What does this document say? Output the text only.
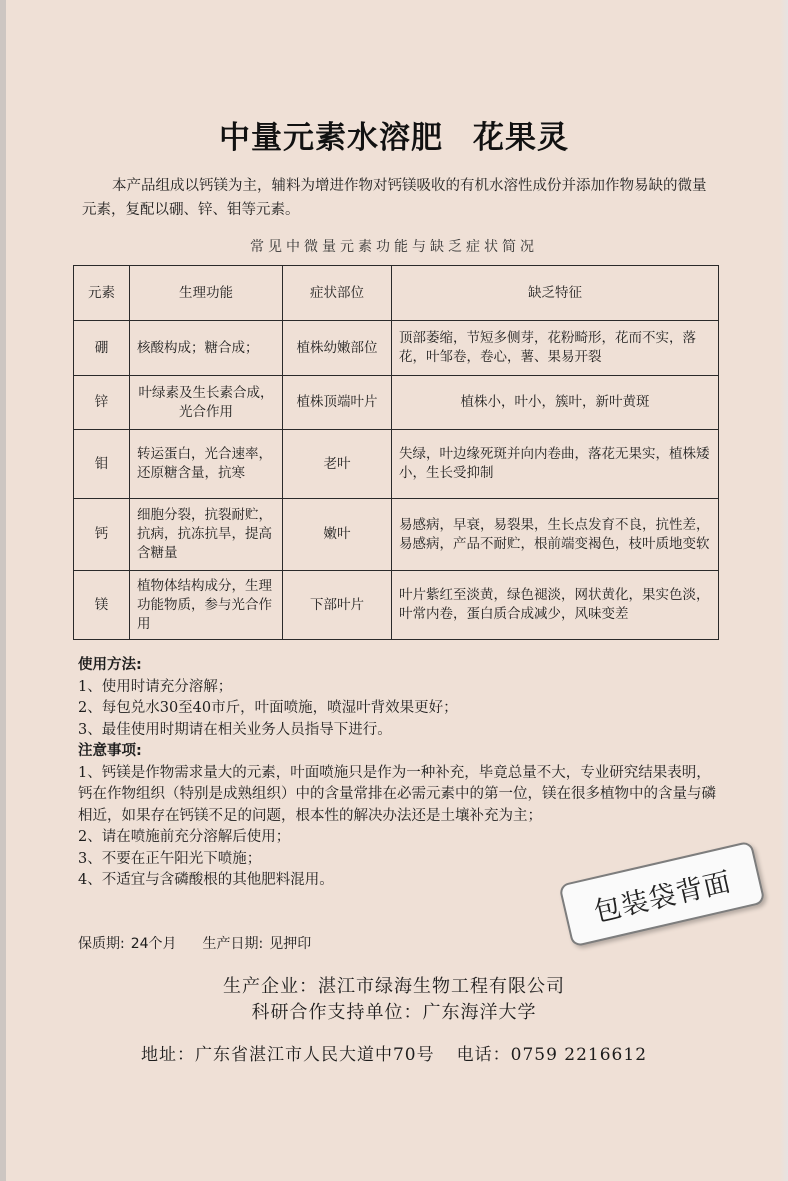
中量元素水溶肥 花果灵

本产品组成以钙镁为主，辅料为增进作物对钙镁吸收的有机水溶性成份并添加作物易缺的微量元素，复配以硼、锌、钼等元素。

常见中微量元素功能与缺乏症状简况
元素	生理功能	症状部位	缺乏特征
硼	核酸构成；糖合成；	植株幼嫩部位	顶部萎缩，节短多侧芽，花粉畸形，花而不实，落花，叶邹卷，卷心，薯、果易开裂
锌	叶绿素及生长素合成，光合作用	植株顶端叶片	植株小，叶小，簇叶，新叶黄斑
钼	转运蛋白，光合速率，还原糖含量，抗寒	老叶	失绿，叶边缘死斑并向内卷曲，落花无果实，植株矮小，生长受抑制
钙	细胞分裂，抗裂耐贮，抗病，抗冻抗旱，提高含糖量	嫩叶	易感病，早衰，易裂果，生长点发育不良，抗性差，易感病，产品不耐贮，根前端变褐色，枝叶质地变软
镁	植物体结构成分，生理功能物质，参与光合作用	下部叶片	叶片紫红至淡黄，绿色褪淡，网状黄化，果实色淡，叶常内卷，蛋白质合成减少，风味变差

使用方法:

1、使用时请充分溶解；

2、每包兑水30至40市斤，叶面喷施，喷湿叶背效果更好；

3、最佳使用时期请在相关业务人员指导下进行。

注意事项:

1、钙镁是作物需求量大的元素，叶面喷施只是作为一种补充，毕竟总量不大，专业研究结果表明，钙在作物组织（特别是成熟组织）中的含量常排在必需元素中的第一位，镁在很多植物中的含量与磷相近，如果存在钙镁不足的问题，根本性的解决办法还是土壤补充为主；

2、请在喷施前充分溶解后使用；

3、不要在正午阳光下喷施；

4、不适宜与含磷酸根的其他肥料混用。

保质期: 24个月 生产日期: 见押印
包装袋背面

生产企业：湛江市绿海生物工程有限公司

科研合作支持单位：广东海洋大学

地址：广东省湛江市人民大道中70号 电话：0759 2216612
